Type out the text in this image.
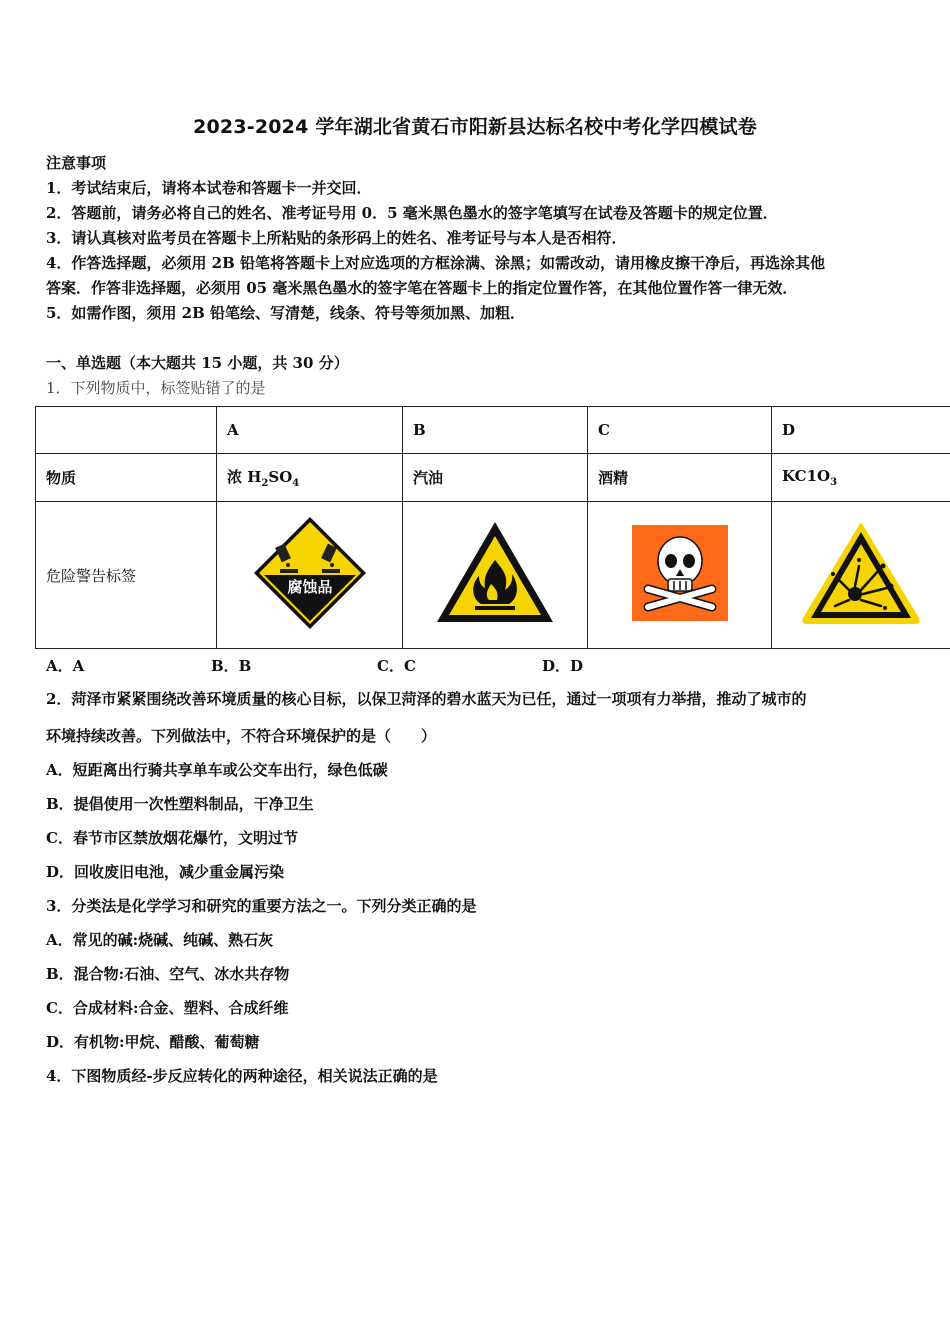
2023-2024 学年湖北省黄石市阳新县达标名校中考化学四模试卷
注意事项
1．考试结束后，请将本试卷和答题卡一并交回．
2．答题前，请务必将自己的姓名、准考证号用 0．5 毫米黑色墨水的签字笔填写在试卷及答题卡的规定位置．
3．请认真核对监考员在答题卡上所粘贴的条形码上的姓名、准考证号与本人是否相符．
4．作答选择题，必须用 2B 铅笔将答题卡上对应选项的方框涂满、涂黑；如需改动，请用橡皮擦干净后，再选涂其他
答案．作答非选择题，必须用 05 毫米黑色墨水的签字笔在答题卡上的指定位置作答，在其他位置作答一律无效．
5．如需作图，须用 2B 铅笔绘、写清楚，线条、符号等须加黑、加粗．
一、单选题（本大题共 15 小题，共 30 分）
1．下列物质中，标签贴错了的是
	A	B	C	D
物质	浓 $H_2SO_4$	汽油	酒精	$KC1O_3$
危险警告标签	腐蚀品

A．A	B．B	C．C	D．D
2．菏泽市紧紧围绕改善环境质量的核心目标，以保卫菏泽的碧水蓝天为已任，通过一项项有力举措，推动了城市的
环境持续改善。下列做法中，不符合环境保护的是（　　）
A．短距离出行骑共享单车或公交车出行，绿色低碳
B．提倡使用一次性塑料制品，干净卫生
C．春节市区禁放烟花爆竹，文明过节
D．回收废旧电池，减少重金属污染
3．分类法是化学学习和研究的重要方法之一。下列分类正确的是
A．常见的碱:烧碱、纯碱、熟石灰
B．混合物:石油、空气、冰水共存物
C．合成材料:合金、塑料、合成纤维
D．有机物:甲烷、醋酸、葡萄糖
4．下图物质经-步反应转化的两种途径，相关说法正确的是
